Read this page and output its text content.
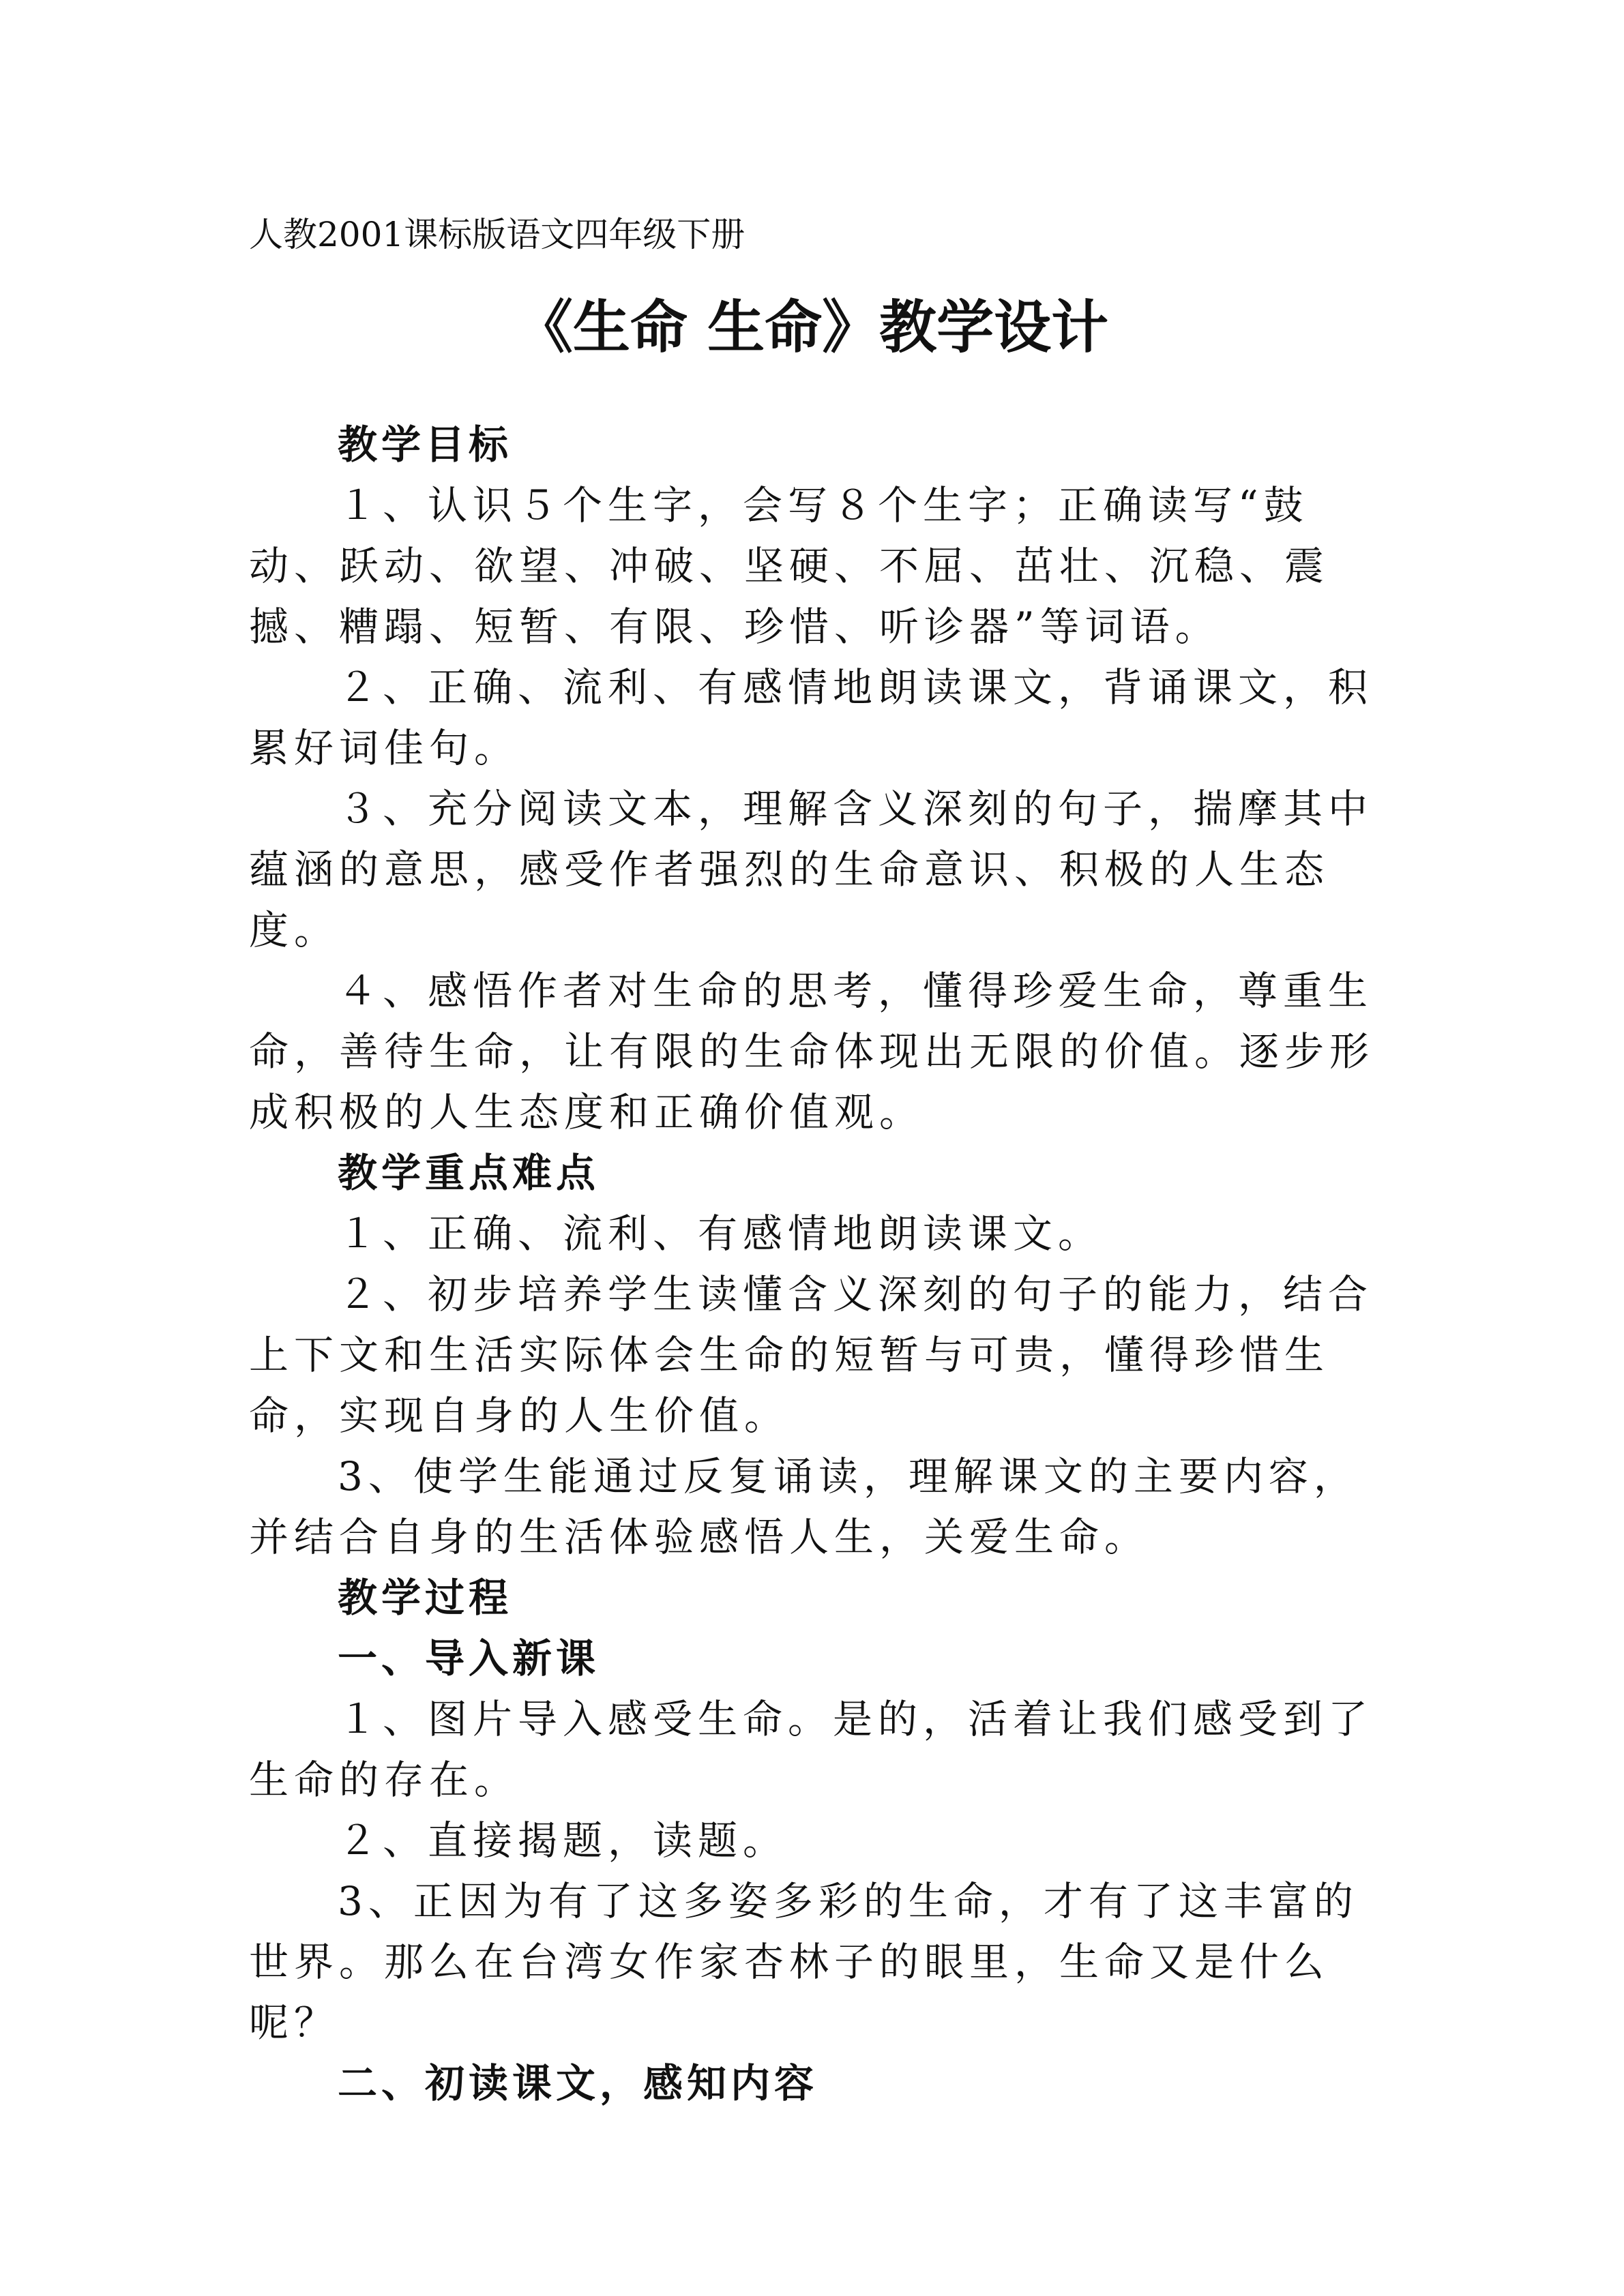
人教2001课标版语文四年级下册
《生命 生命》教学设计
教学目标

１、认识５个生字，会写８个生字；正确读写“鼓动、跃动、欲望、冲破、坚硬、不屈、茁壮、沉稳、震撼、糟蹋、短暂、有限、珍惜、听诊器”等词语。

２、正确、流利、有感情地朗读课文，背诵课文，积累好词佳句。

３、充分阅读文本，理解含义深刻的句子，揣摩其中蕴涵的意思，感受作者强烈的生命意识、积极的人生态度。

４、感悟作者对生命的思考，懂得珍爱生命，尊重生命，善待生命，让有限的生命体现出无限的价值。逐步形成积极的人生态度和正确价值观。

教学重点难点

１、正确、流利、有感情地朗读课文。

２、初步培养学生读懂含义深刻的句子的能力，结合上下文和生活实际体会生命的短暂与可贵，懂得珍惜生命，实现自身的人生价值。

3、使学生能通过反复诵读，理解课文的主要内容，并结合自身的生活体验感悟人生，关爱生命。

教学过程
一、导入新课

１、图片导入感受生命。是的，活着让我们感受到了生命的存在。

２、直接揭题，读题。

3、正因为有了这多姿多彩的生命，才有了这丰富的世界。那么在台湾女作家杏林子的眼里，生命又是什么呢？

二、初读课文，感知内容
